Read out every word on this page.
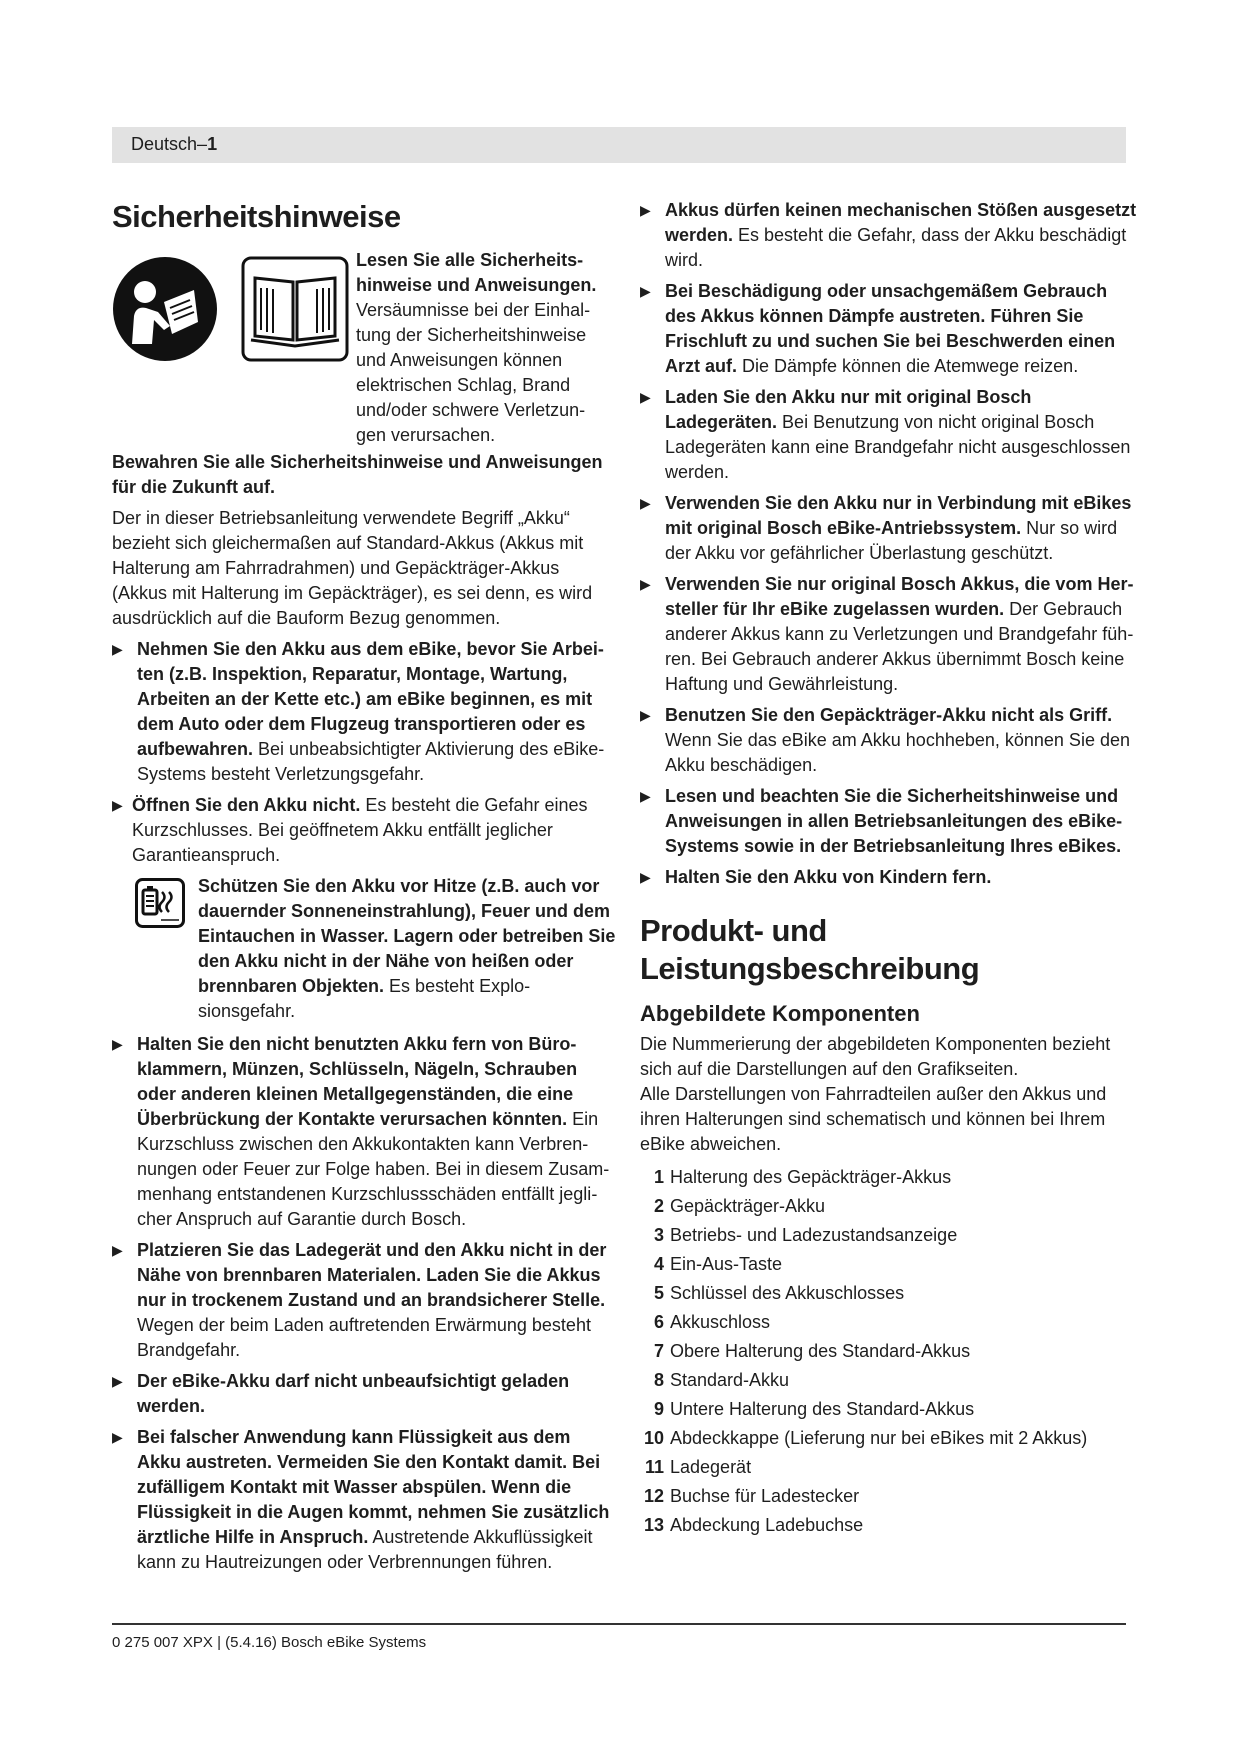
Deutsch–1
Sicherheitshinweise
Lesen Sie alle Sicherheitshinweise und Anweisungen. Versäumnisse bei der Einhaltung der Sicherheitshinweise und Anweisungen können elektrischen Schlag, Brand und/oder schwere Verletzungen verursachen.

Bewahren Sie alle Sicherheitshinweise und Anweisungen für die Zukunft auf.

Der in dieser Betriebsanleitung verwendete Begriff „Akku“ bezieht sich gleichermaßen auf Standard-Akkus (Akkus mit Halterung am Fahrradrahmen) und Gepäckträger-Akkus (Akkus mit Halterung im Gepäckträger), es sei denn, es wird ausdrücklich auf die Bauform Bezug genommen.

▶ Nehmen Sie den Akku aus dem eBike, bevor Sie Arbeiten (z.B. Inspektion, Reparatur, Montage, Wartung, Arbeiten an der Kette etc.) am eBike beginnen, es mit dem Auto oder dem Flugzeug transportieren oder es aufbewahren. Bei unbeabsichtigter Aktivierung des eBike-Systems besteht Verletzungsgefahr.
▶ Öffnen Sie den Akku nicht. Es besteht die Gefahr eines Kurzschlusses. Bei geöffnetem Akku entfällt jeglicher Garantieanspruch.
Schützen Sie den Akku vor Hitze (z.B. auch vor dauernder Sonneneinstrahlung), Feuer und dem Eintauchen in Wasser. Lagern oder betreiben Sie den Akku nicht in der Nähe von heißen oder brennbaren Objekten. Es besteht Explosionsgefahr.
▶ Halten Sie den nicht benutzten Akku fern von Büroklammern, Münzen, Schlüsseln, Nägeln, Schrauben oder anderen kleinen Metallgegenständen, die eine Überbrückung der Kontakte verursachen könnten. Ein Kurzschluss zwischen den Akkukontakten kann Verbrennungen oder Feuer zur Folge haben. Bei in diesem Zusammenhang entstandenen Kurzschlussschäden entfällt jeglicher Anspruch auf Garantie durch Bosch.
▶ Platzieren Sie das Ladegerät und den Akku nicht in der Nähe von brennbaren Materialen. Laden Sie die Akkus nur in trockenem Zustand und an brandsicherer Stelle. Wegen der beim Laden auftretenden Erwärmung besteht Brandgefahr.
▶ Der eBike-Akku darf nicht unbeaufsichtigt geladen werden.
▶ Bei falscher Anwendung kann Flüssigkeit aus dem Akku austreten. Vermeiden Sie den Kontakt damit. Bei zufälligem Kontakt mit Wasser abspülen. Wenn die Flüssigkeit in die Augen kommt, nehmen Sie zusätzlich ärztliche Hilfe in Anspruch. Austretende Akkuflüssigkeit kann zu Hautreizungen oder Verbrennungen führen.
▶ Akkus dürfen keinen mechanischen Stößen ausgesetzt werden. Es besteht die Gefahr, dass der Akku beschädigt wird.
▶ Bei Beschädigung oder unsachgemäßem Gebrauch des Akkus können Dämpfe austreten. Führen Sie Frischluft zu und suchen Sie bei Beschwerden einen Arzt auf. Die Dämpfe können die Atemwege reizen.
▶ Laden Sie den Akku nur mit original Bosch Ladegeräten. Bei Benutzung von nicht original Bosch Ladegeräten kann eine Brandgefahr nicht ausgeschlossen werden.
▶ Verwenden Sie den Akku nur in Verbindung mit eBikes mit original Bosch eBike-Antriebssystem. Nur so wird der Akku vor gefährlicher Überlastung geschützt.
▶ Verwenden Sie nur original Bosch Akkus, die vom Hersteller für Ihr eBike zugelassen wurden. Der Gebrauch anderer Akkus kann zu Verletzungen und Brandgefahr führen. Bei Gebrauch anderer Akkus übernimmt Bosch keine Haftung und Gewährleistung.
▶ Benutzen Sie den Gepäckträger-Akku nicht als Griff. Wenn Sie das eBike am Akku hochheben, können Sie den Akku beschädigen.
▶ Lesen und beachten Sie die Sicherheitshinweise und Anweisungen in allen Betriebsanleitungen des eBike-Systems sowie in der Betriebsanleitung Ihres eBikes.
▶ Halten Sie den Akku von Kindern fern.
Produkt- und Leistungsbeschreibung
Abgebildete Komponenten

Die Nummerierung der abgebildeten Komponenten bezieht sich auf die Darstellungen auf den Grafikseiten.

Alle Darstellungen von Fahrradteilen außer den Akkus und ihren Halterungen sind schematisch und können bei Ihrem eBike abweichen.

1 Halterung des Gepäckträger-Akkus
2 Gepäckträger-Akku
3 Betriebs- und Ladezustandsanzeige
4 Ein-Aus-Taste
5 Schlüssel des Akkuschlosses
6 Akkuschloss
7 Obere Halterung des Standard-Akkus
8 Standard-Akku
9 Untere Halterung des Standard-Akkus
10 Abdeckkappe (Lieferung nur bei eBikes mit 2 Akkus)
11 Ladegerät
12 Buchse für Ladestecker
13 Abdeckung Ladebuchse
0 275 007 XPX | (5.4.16) Bosch eBike Systems
